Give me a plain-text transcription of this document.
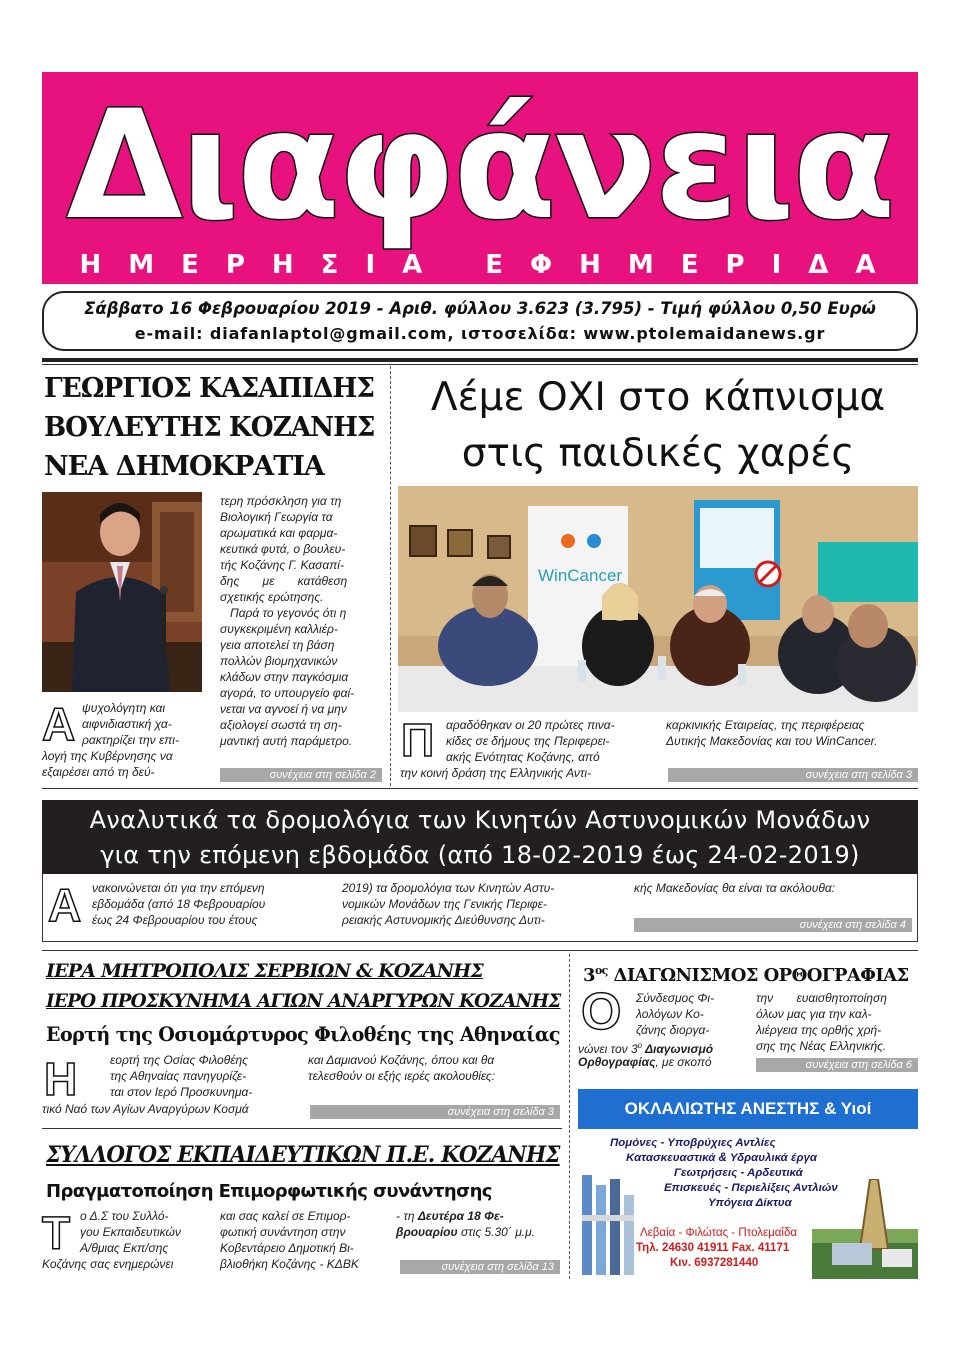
Διαφάνεια
ΗΜΕΡΗΣΙΑ ΕΦΗΜΕΡΙΔΑ
Σάββατο 16 Φεβρουαρίου 2019 - Αριθ. φύλλου 3.623 (3.795) - Τιμή φύλλου 0,50 Ευρώ
e-mail: diafanlaptol@gmail.com, ιστοσελίδα: www.ptolemaidanews.gr
ΓΕΩΡΓΙΟΣ ΚΑΣΑΠΙΔΗΣ
ΒΟΥΛΕΥΤΗΣ ΚΟΖΑΝΗΣ
ΝΕΑ ΔΗΜΟΚΡΑΤΙΑ
τερη πρόσκληση για τη
Βιολογική Γεωργία τα
αρωματικά και φαρμα-
κευτικά φυτά, ο βουλευ-
τής Κοζάνης Γ. Κασαπί-
δης με κατάθεση
σχετικής ερώτησης.
Παρά το γεγονός ότι η
συγκεκριμένη καλλιέρ-
γεια αποτελεί τη βάση
πολλών βιομηχανικών
κλάδων στην παγκόσμια
αγορά, το υπουργείο φαί-
νεται να αγνοεί ή να μην
αξιολογεί σωστά τη ση-
μαντική αυτή παράμετρο.
Α ψυχολόγητη και
αιφνιδιαστική χα-
ρακτηρίζει την επι-
λογή της Κυβέρνησης να
εξαιρέσει από τη δεύ-	συνέχεια στη σελίδα 2
Λέμε ΟΧΙ στο κάπνισμα
στις παιδικές χαρές
WinCancer
Π αραδόθηκαν οι 20 πρώτες πινα-
κίδες σε δήμους της Περιφερει-
ακής Ενότητας Κοζάνης, από
την κοινή δράση της Ελληνικής Αντι-
καρκινικής Εταιρείας, της περιφέρειας
Δυτικής Μακεδονίας και του WinCancer.
συνέχεια στη σελίδα 3
Αναλυτικά τα δρομολόγια των Κινητών Αστυνομικών Μονάδων
για την επόμενη εβδομάδα (από 18-02-2019 έως 24-02-2019)
Α νακοινώνεται ότι για την επόμενη
εβδομάδα (από 18 Φεβρουαρίου
έως 24 Φεβρουαρίου του έτους
2019) τα δρομολόγια των Κινητών Αστυ-
νομικών Μονάδων της Γενικής Περιφε-
ρειακής Αστυνομικής Διεύθυνσης Δυτι-
κής Μακεδονίας θα είναι τα ακόλουθα:
συνέχεια στη σελίδα 4
ΙΕΡΑ ΜΗΤΡΟΠΟΛΙΣ ΣΕΡΒΙΩΝ & ΚΟΖΑΝΗΣ
ΙΕΡΟ ΠΡΟΣΚΥΝΗΜΑ ΑΓΙΩΝ ΑΝΑΡΓΥΡΩΝ ΚΟΖΑΝΗΣ
Εορτή της Οσιομάρτυρος Φιλοθέης της Αθηναίας
Η	εορτή της Οσίας Φιλοθέης
της Αθηναίας πανηγυρίζε-
ται στον Ιερό Προσκυνημα-
τικό Ναό των Αγίων Αναργύρων Κοσμά
και Δαμιανού Κοζάνης, όπου και θα
τελεσθούν οι εξής ιερές ακολουθίες:
συνέχεια στη σελίδα 3
ΣΥΛΛΟΓΟΣ ΕΚΠΑΙΔΕΥΤΙΚΩΝ Π.Ε. ΚΟΖΑΝΗΣ
Πραγματοποίηση Επιμορφωτικής συνάντησης
Τ ο Δ.Σ του Συλλό-
γου Εκπαιδευτικών
Α/θμιας Εκπ/σης
Κοζάνης σας ενημερώνει
και σας καλεί σε Επιμορ-
φωτική συνάντηση στην
Κοβεντάρειο Δημοτική Βι-
βλιοθήκη Κοζάνης - ΚΔΒΚ
- τη Δευτέρα 18 Φε-
βρουαρίου στις 5.30΄ μ.μ.
συνέχεια στη σελίδα 13
$3^{o\varsigma}$ ΔΙΑΓΩΝΙΣΜΟΣ ΟΡΘΟΓΡΑΦΙΑΣ
Ο Σύνδεσμος Φι-
λολόγων Κο-
ζάνης διοργα-
νώνει τον $3^o$ Διαγωνισμό
Ορθογραφίας, με σκοπό
την ευαισθητοποίηση
όλων μας για την καλ-
λιέργεια της ορθής χρή-
σης της Νέας Ελληνικής.
συνέχεια στη σελίδα 6
ΟΚΛΑΛΙΩΤΗΣ ΑΝΕΣΤΗΣ & Υιοί
Πομόνες - Υποβρύχιες Αντλίες
Κατασκευαστικά & Υδραυλικά έργα
Γεωτρήσεις - Αρδευτικά
Επισκευές - Περιελίξεις Αντλιών
Υπόγεια Δίκτυα
Λεβαία - Φιλώτας - Πτολεμαΐδα
Τηλ. 24630 41911 Fax. 41171
Κιν. 6937281440
